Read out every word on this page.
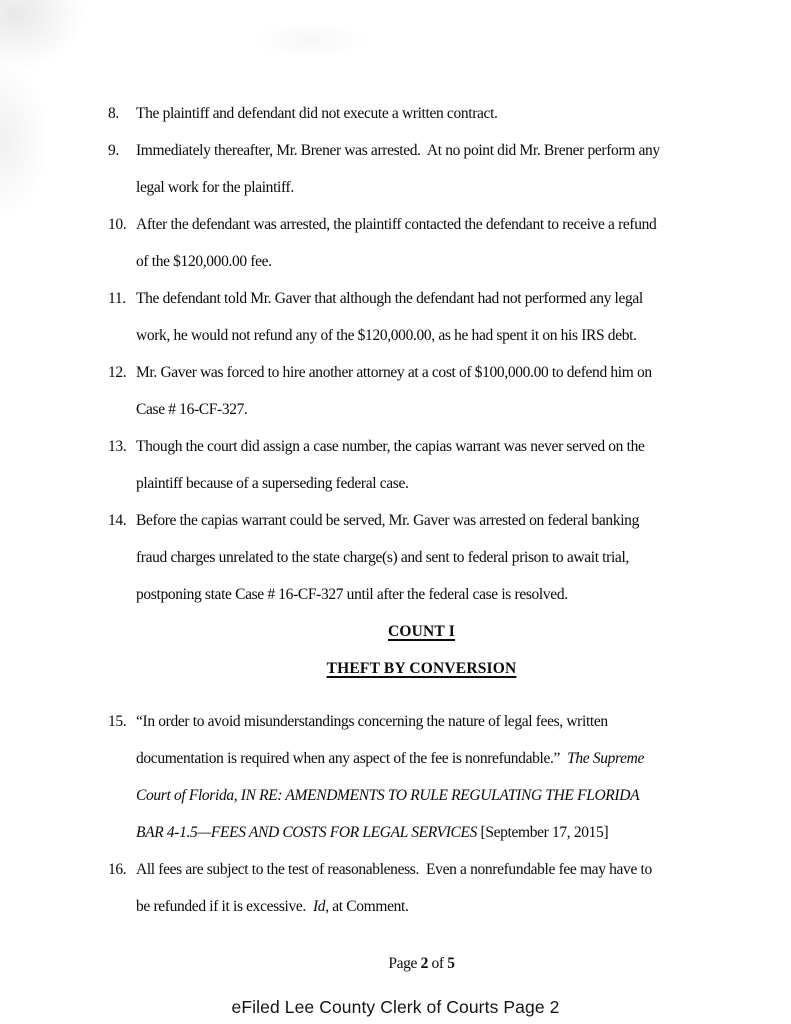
8.	The plaintiff and defendant did not execute a written contract.
9.	Immediately thereafter, Mr. Brener was arrested.  At no point did Mr. Brener perform any
legal work for the plaintiff.
10. After the defendant was arrested, the plaintiff contacted the defendant to receive a refund
of the $120,000.00 fee.
11. The defendant told Mr. Gaver that although the defendant had not performed any legal
work, he would not refund any of the $120,000.00, as he had spent it on his IRS debt.
12. Mr. Gaver was forced to hire another attorney at a cost of $100,000.00 to defend him on
Case # 16-CF-327.
13. Though the court did assign a case number, the capias warrant was never served on the
plaintiff because of a superseding federal case.
14. Before the capias warrant could be served, Mr. Gaver was arrested on federal banking
fraud charges unrelated to the state charge(s) and sent to federal prison to await trial,
postponing state Case # 16-CF-327 until after the federal case is resolved.
COUNT I
THEFT BY CONVERSION
15. “In order to avoid misunderstandings concerning the nature of legal fees, written
documentation is required when any aspect of the fee is nonrefundable.”  The Supreme
Court of Florida, IN RE: AMENDMENTS TO RULE REGULATING THE FLORIDA
BAR 4-1.5—FEES AND COSTS FOR LEGAL SERVICES [September 17, 2015]
16. All fees are subject to the test of reasonableness.  Even a nonrefundable fee may have to
be refunded if it is excessive.  Id, at Comment.
Page 2 of 5
eFiled Lee County Clerk of Courts Page 2
